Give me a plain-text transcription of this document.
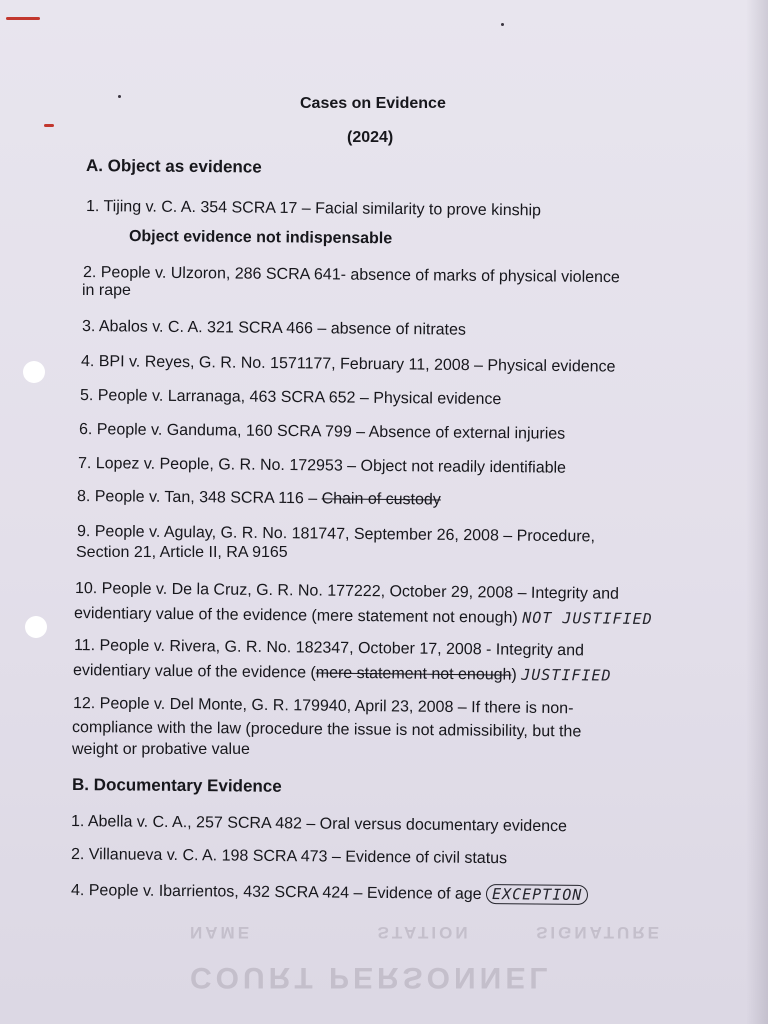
NAME	STATION	SIGNATURE
COURT PERSONNEL
Cases on Evidence
(2024)
A. Object as evidence
1. Tijing v. C. A. 354 SCRA 17 – Facial similarity to prove kinship
Object evidence not indispensable
2. People v. Ulzoron, 286 SCRA 641- absence of marks of physical violence
in rape
3. Abalos v. C. A. 321 SCRA 466 – absence of nitrates
4. BPI v. Reyes, G. R. No. 1571177, February 11, 2008 – Physical evidence
5. People v. Larranaga, 463 SCRA 652 – Physical evidence
6. People v. Ganduma, 160 SCRA 799 – Absence of external injuries
7. Lopez v. People, G. R. No. 172953 – Object not readily identifiable
8. People v. Tan, 348 SCRA 116 – Chain of custody
9. People v. Agulay, G. R. No. 181747, September 26, 2008 – Procedure,
Section 21, Article II, RA 9165
10. People v. De la Cruz, G. R. No. 177222, October 29, 2008 – Integrity and
evidentiary value of the evidence (mere statement not enough) NOT JUSTIFIED
11. People v. Rivera, G. R. No. 182347, October 17, 2008 - Integrity and
evidentiary value of the evidence (mere statement not enough) JUSTIFIED
12. People v. Del Monte, G. R. 179940, April 23, 2008 – If there is non-
compliance with the law (procedure the issue is not admissibility, but the
weight or probative value
B. Documentary Evidence
1. Abella v. C. A., 257 SCRA 482 – Oral versus documentary evidence
2. Villanueva v. C. A. 198 SCRA 473 – Evidence of civil status
4. People v. Ibarrientos, 432 SCRA 424 – Evidence of age EXCEPTION
